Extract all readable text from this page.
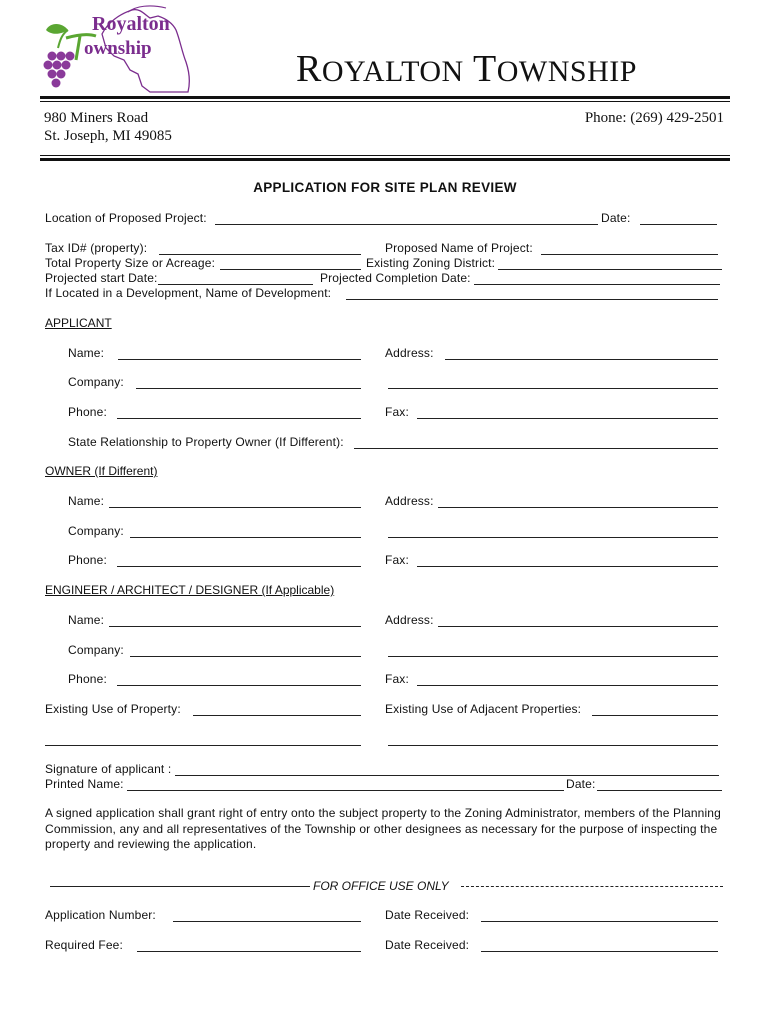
Royalton
ownship	ROYALTON TOWNSHIP
980 Miners Road
St. Joseph, MI 49085
Phone: (269) 429-2501
APPLICATION FOR SITE PLAN REVIEW
Location of Proposed Project:	Date:
Tax ID# (property):	Proposed Name of Project:
Total Property Size or Acreage:	Existing Zoning District:
Projected start Date:	Projected Completion Date:
If Located in a Development, Name of Development:
APPLICANT
Name:	Address:
Company:
Phone:	Fax:
State Relationship to Property Owner (If Different):
OWNER (If Different)
Name:	Address:
Company:
Phone:	Fax:
ENGINEER / ARCHITECT / DESIGNER (If Applicable)
Name:	Address:
Company:
Phone:	Fax:
Existing Use of Property:	Existing Use of Adjacent Properties:
Signature of applicant :
Printed Name:	Date:
A signed application shall grant right of entry onto the subject property to the Zoning Administrator, members of the Planning Commission, any and all representatives of the Township or other designees as necessary for the purpose of inspecting the property and reviewing the application.
FOR OFFICE USE ONLY
Application Number:	Date Received:
Required Fee:	Date Received:
